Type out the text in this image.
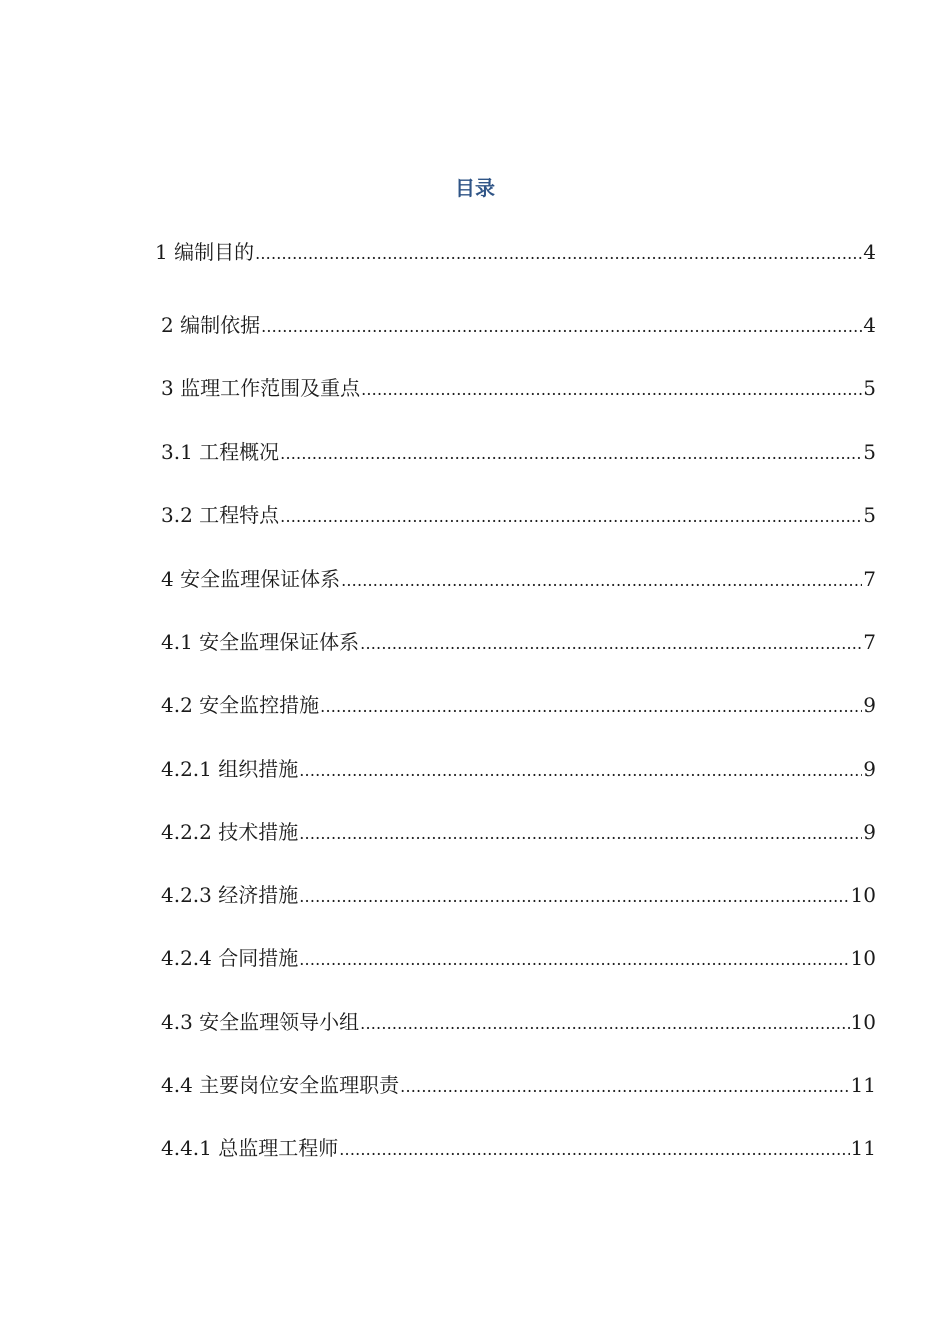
目录
1 编制目的 .....	4
2 编制依据 .....	4
3 监理工作范围及重点 .....	5
3.1 工程概况 .....	5
3.2 工程特点 .....	5
4 安全监理保证体系 .....	7
4.1 安全监理保证体系 .....	7
4.2 安全监控措施 .....	9
4.2.1 组织措施 .....	9
4.2.2 技术措施 .....	9
4.2.3 经济措施 .....	10
4.2.4 合同措施 .....	10
4.3 安全监理领导小组 .....	10
4.4 主要岗位安全监理职责 .....	11
4.4.1 总监理工程师 .....	11
